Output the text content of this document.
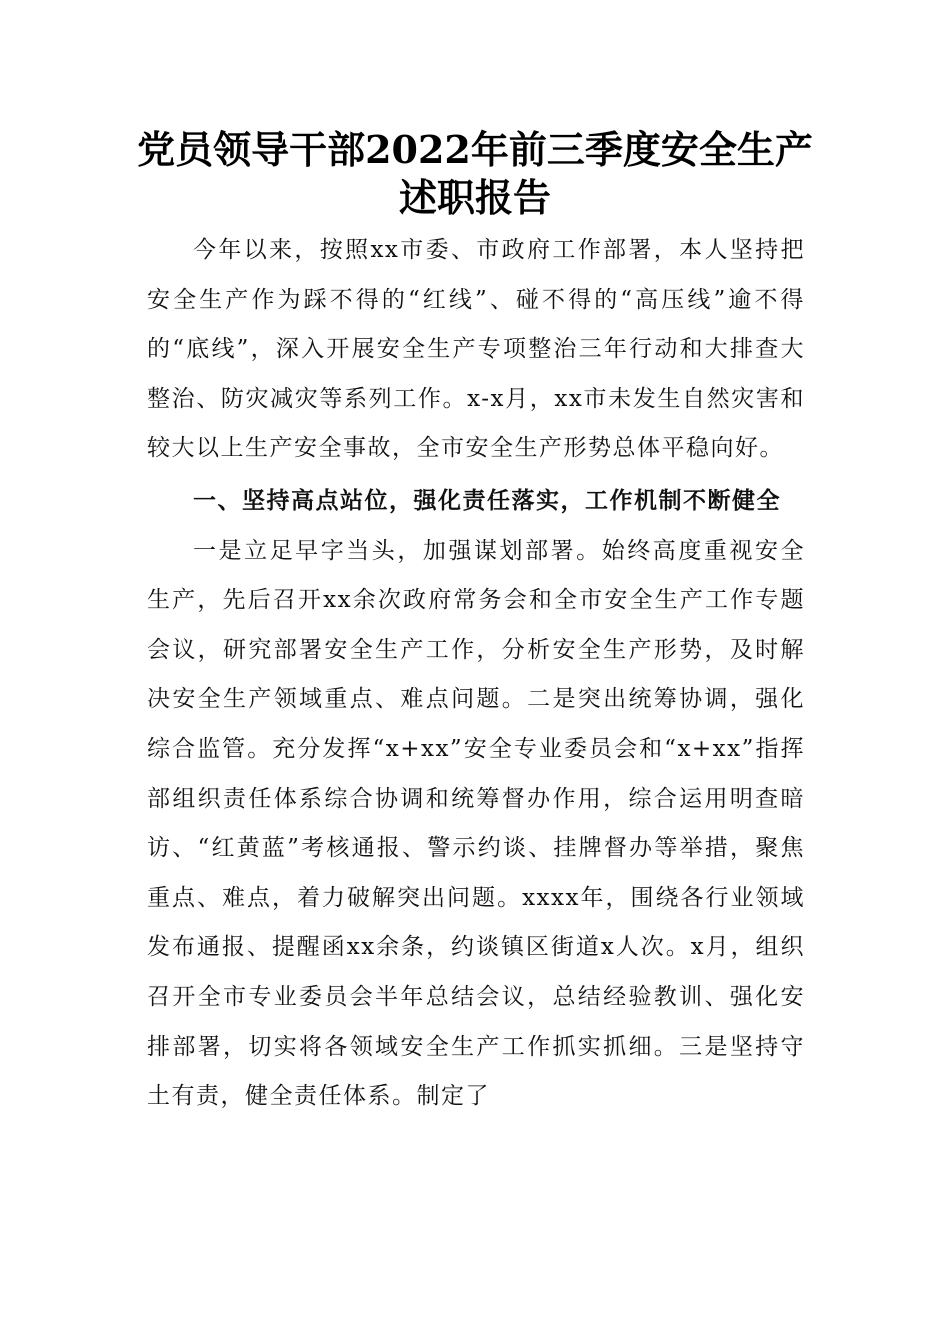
党员领导干部2022年前三季度安全生产述职报告

今年以来，按照xx市委、市政府工作部署，本人坚持把安全生产作为踩不得的“红线”、碰不得的“高压线”逾不得的“底线”，深入开展安全生产专项整治三年行动和大排查大整治、防灾减灾等系列工作。x-x月，xx市未发生自然灾害和较大以上生产安全事故，全市安全生产形势总体平稳向好。

一、坚持高点站位，强化责任落实，工作机制不断健全

一是立足早字当头，加强谋划部署。始终高度重视安全生产，先后召开xx余次政府常务会和全市安全生产工作专题会议，研究部署安全生产工作，分析安全生产形势，及时解决安全生产领域重点、难点问题。二是突出统筹协调，强化综合监管。充分发挥“x+xx”安全专业委员会和“x+xx”指挥部组织责任体系综合协调和统筹督办作用，综合运用明查暗访、“红黄蓝”考核通报、警示约谈、挂牌督办等举措，聚焦重点、难点，着力破解突出问题。xxxx年，围绕各行业领域发布通报、提醒函xx余条，约谈镇区街道x人次。x月，组织召开全市专业委员会半年总结会议，总结经验教训、强化安排部署，切实将各领域安全生产工作抓实抓细。三是坚持守土有责，健全责任体系。制定了
